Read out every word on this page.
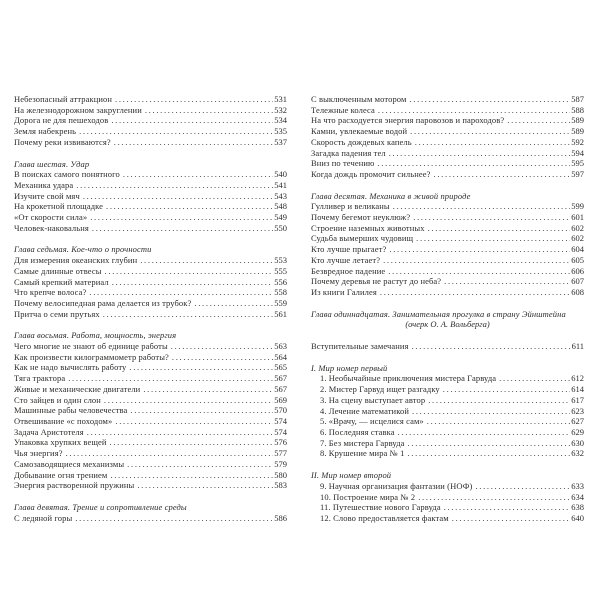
Небезопасный аттракцион .....	531
На железнодорожном закруглении .....	532
Дорога не для пешеходов .....	534
Земля набекрень .....	535
Почему реки извиваются? .....	537
Глава шестая. Удар
В поисках самого понятного .....	540
Механика удара .....	541
Изучите свой мяч .....	543
На крокетной площадке .....	548
«От скорости сила» .....	549
Человек-наковальня .....	550
Глава седьмая. Кое-что о прочности
Для измерения океанских глубин .....	553
Самые длинные отвесы .....	555
Самый крепкий материал .....	556
Что крепче волоса? .....	558
Почему велосипедная рама делается из трубок? .....	559
Притча о семи прутьях .....	561
Глава восьмая. Работа, мощность, энергия
Чего многие не знают об единице работы .....	563
Как произвести килограммометр работы? .....	564
Как не надо вычислять работу .....	565
Тяга трактора .....	567
Живые и механические двигатели .....	567
Сто зайцев и один слон .....	569
Машинные рабы человечества .....	570
Отвешивание «с походом» .....	574
Задача Аристотеля .....	574
Упаковка хрупких вещей .....	576
Чья энергия? .....	577
Самозаводящиеся механизмы .....	579
Добывание огня трением .....	580
Энергия растворенной пружины .....	583
Глава девятая. Трение и сопротивление среды
С ледяной горы .....	586
С выключенным мотором .....	587
Тележные колеса .....	588
На что расходуется энергия паровозов и пароходов? .....	589
Камни, увлекаемые водой .....	589
Скорость дождевых капель .....	592
Загадка падения тел .....	594
Вниз по течению .....	595
Когда дождь промочит сильнее? .....	597
Глава десятая. Механика в живой природе
Гулливер и великаны .....	599
Почему бегемот неуклюж? .....	601
Строение наземных животных .....	602
Судьба вымерших чудовищ .....	602
Кто лучше прыгает? .....	604
Кто лучше летает? .....	605
Безвредное падение .....	606
Почему деревья не растут до неба? .....	607
Из книги Галилея .....	608
Глава одиннадцатая. Занимательная прогулка в страну Эйнштейна
(очерк О. А. Вольберга)
Вступительные замечания .....	611
I. Мир номер первый
1. Необычайные приключения мистера Гарвуда .....	612
2. Мистер Гарвуд ищет разгадку .....	614
3. На сцену выступает автор .....	617
4. Лечение математикой .....	623
5. «Врачу, — исцелися сам» .....	627
6. Последняя ставка .....	629
7. Без мистера Гарвуда .....	630
8. Крушение мира № 1 .....	632
II. Мир номер второй
9. Научная организация фантазии (НОФ) .....	633
10. Построение мира № 2 .....	634
11. Путешествие нового Гарвуда .....	638
12. Слово предоставляется фактам .....	640
